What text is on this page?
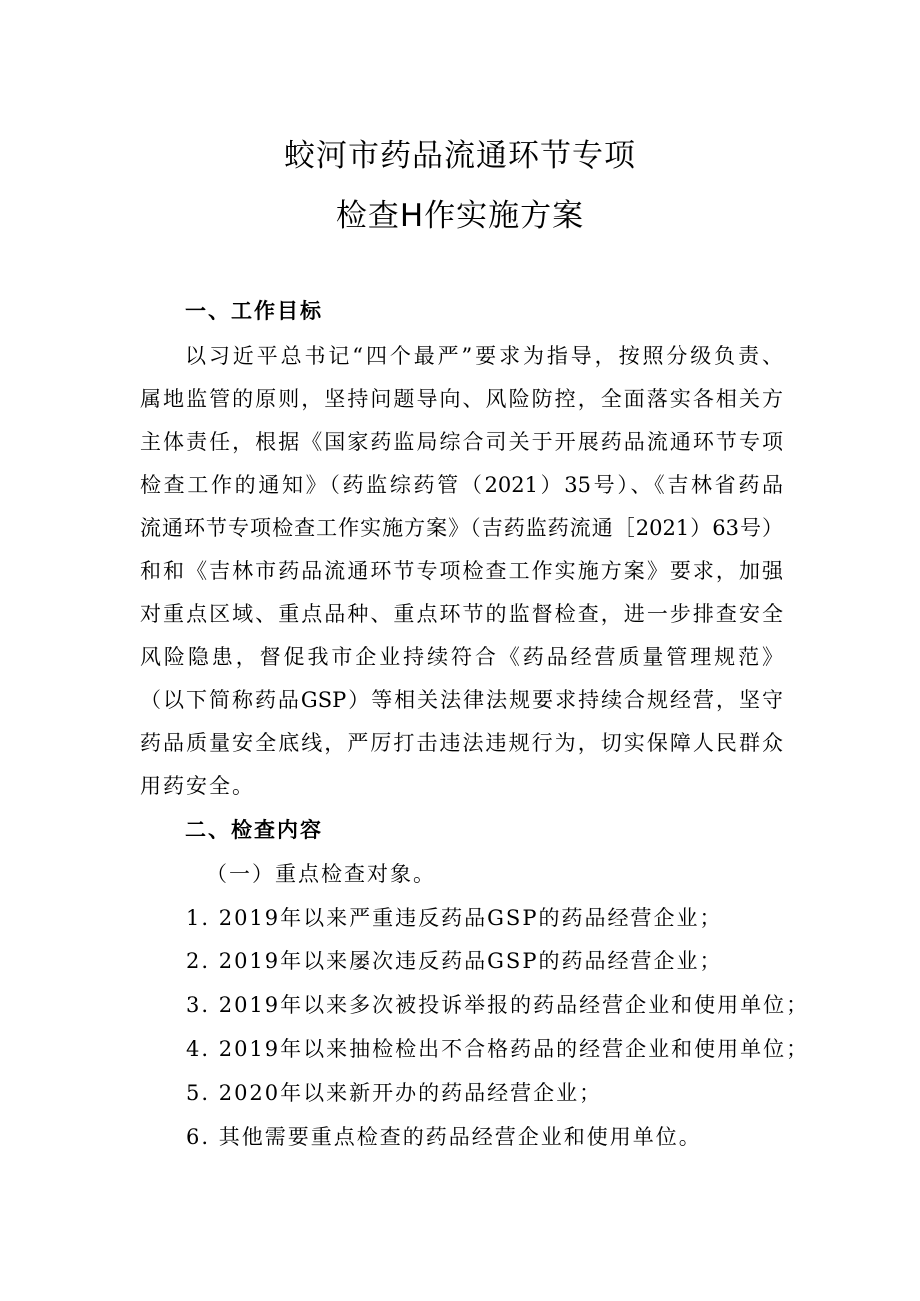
蛟河市药品流通环节专项
检查H作实施方案
一、工作目标
以习近平总书记“四个最严”要求为指导，按照分级负责、
属地监管的原则，坚持问题导向、风险防控，全面落实各相关方
主体责任，根据《国家药监局综合司关于开展药品流通环节专项
检查工作的通知》（药监综药管（2021）35号）、《吉林省药品
流通环节专项检查工作实施方案》（吉药监药流通［2021）63号）
和和《吉林市药品流通环节专项检查工作实施方案》要求，加强
对重点区域、重点品种、重点环节的监督检查，进一步排查安全
风险隐患，督促我市企业持续符合《药品经营质量管理规范》
（以下简称药品GSP）等相关法律法规要求持续合规经营，坚守
药品质量安全底线，严厉打击违法违规行为，切实保障人民群众
用药安全。
二、检查内容
（一）重点检查对象。
1. 2019年以来严重违反药品GSP的药品经营企业；
2. 2019年以来屡次违反药品GSP的药品经营企业；
3. 2019年以来多次被投诉举报的药品经营企业和使用单位；
4. 2019年以来抽检检出不合格药品的经营企业和使用单位；
5. 2020年以来新开办的药品经营企业；
6. 其他需要重点检查的药品经营企业和使用单位。
